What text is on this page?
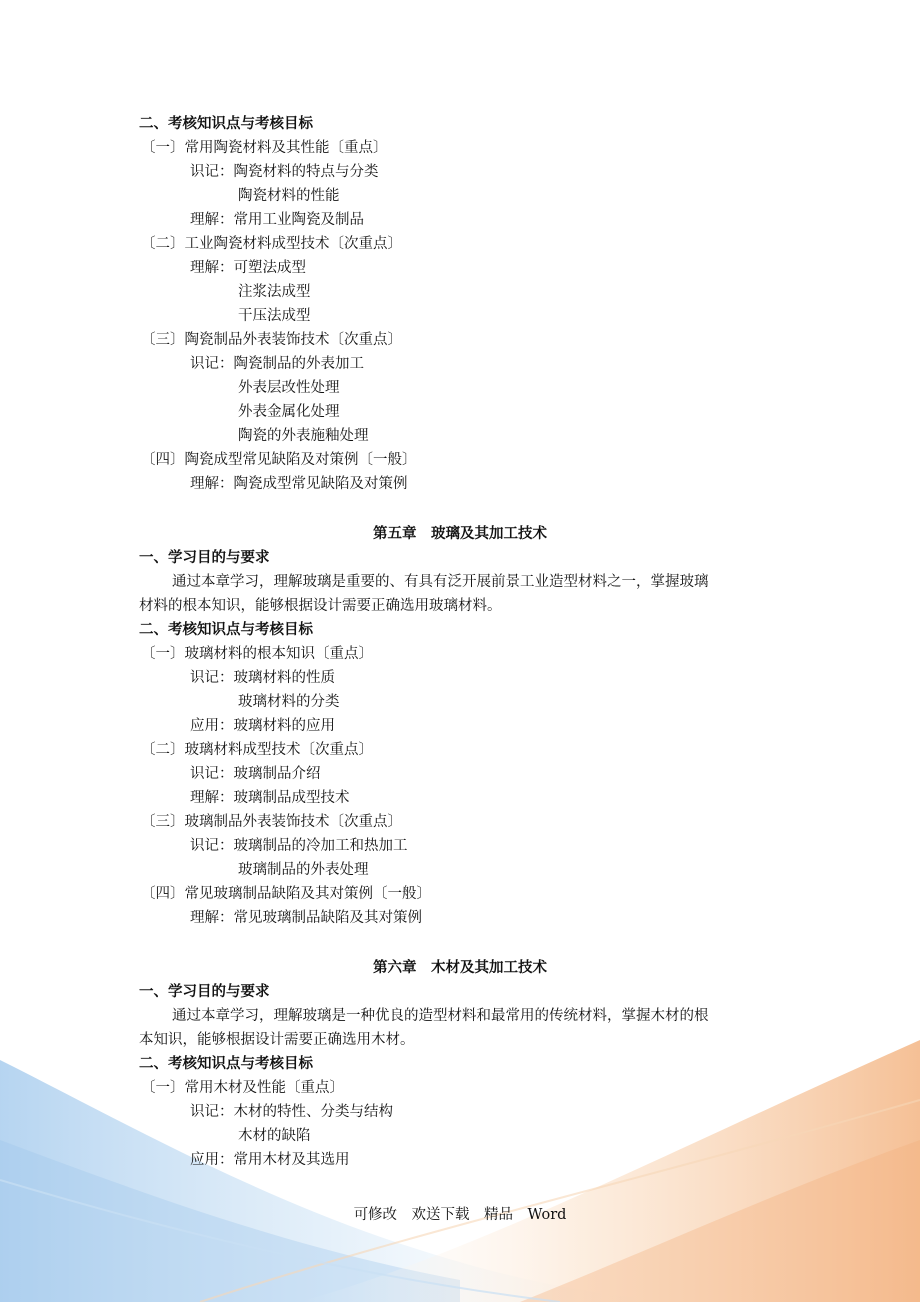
二、考核知识点与考核目标
〔一〕常用陶瓷材料及其性能〔重点〕
识记：陶瓷材料的特点与分类
陶瓷材料的性能
理解：常用工业陶瓷及制品
〔二〕工业陶瓷材料成型技术〔次重点〕
理解：可塑法成型
注浆法成型
干压法成型
〔三〕陶瓷制品外表装饰技术〔次重点〕
识记：陶瓷制品的外表加工
外表层改性处理
外表金属化处理
陶瓷的外表施釉处理
〔四〕陶瓷成型常见缺陷及对策例〔一般〕
理解：陶瓷成型常见缺陷及对策例
第五章　玻璃及其加工技术
一、学习目的与要求
通过本章学习，理解玻璃是重要的、有具有泛开展前景工业造型材料之一，掌握玻璃
材料的根本知识，能够根据设计需要正确选用玻璃材料。
二、考核知识点与考核目标
〔一〕玻璃材料的根本知识〔重点〕
识记：玻璃材料的性质
玻璃材料的分类
应用：玻璃材料的应用
〔二〕玻璃材料成型技术〔次重点〕
识记：玻璃制品介绍
理解：玻璃制品成型技术
〔三〕玻璃制品外表装饰技术〔次重点〕
识记：玻璃制品的冷加工和热加工
玻璃制品的外表处理
〔四〕常见玻璃制品缺陷及其对策例〔一般〕
理解：常见玻璃制品缺陷及其对策例
第六章　木材及其加工技术
一、学习目的与要求
通过本章学习，理解玻璃是一种优良的造型材料和最常用的传统材料，掌握木材的根
本知识，能够根据设计需要正确选用木材。
二、考核知识点与考核目标
〔一〕常用木材及性能〔重点〕
识记：木材的特性、分类与结构
木材的缺陷
应用：常用木材及其选用
可修改　欢送下载　精品　Word
